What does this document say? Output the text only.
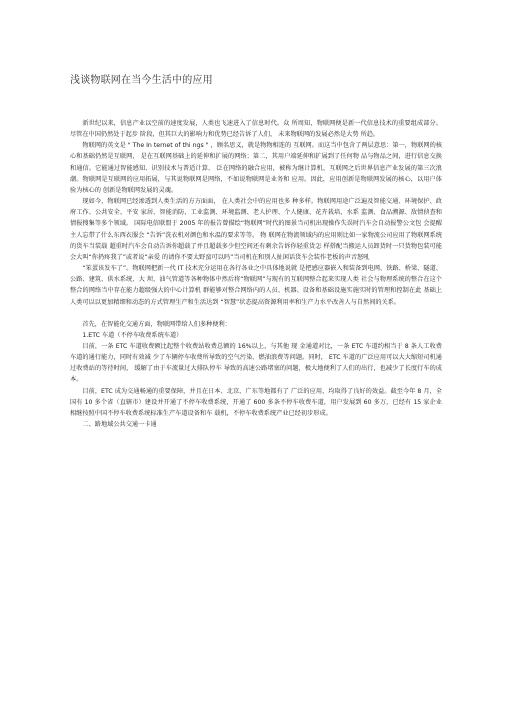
浅谈物联网在当今生活中的应用

新世纪以来，信息产业以空前的速度发展，人类也飞速进入了信息时代。众 所周知，物联网便是新一代信息技术的重要组成部分。 尽管在中国仍然处于起步 阶段，但其巨大的影响力和优势已经告诉了人们， 未来物联网的发展必然是大势 所趋。

物联网的英文是 " The In ternet of thi ngs " ，顾名思义，就是物物相连的 互联网。而这当中包含了两层意思：第一，物联网的核心和基础仍然是互联网， 是在互联网基础上的延伸和扩展的网络；第二，其用户端延伸和扩展到了任何物 品与物品之间，进行信息交换和通信。它能通过智能感知、识别技术与普适计算、 泛在网络的融合应用，被称为继计算机、互联网之后世界信息产业发展的第三次浪 潮。物联网是互联网的应用拓展，与其说物联网是网络，不如说物联网是业务和 应用。因此，应用创新是物联网发展的核心，以用户体验为核心的 创新是物联网发展的灵魂。

现如今，物联网已经渗透到人类生活的方方面面， 在人类社会中的应用也多 种多样。物联网用途广泛遍及智能交通、环境保护、政府工作、公共安全、平安 家居、智能消防、工业监测、环境监测、老人护理、个人健康、花卉栽培、水系 监测、食品溯源、敌情侦查和情报搜集等多个领域。 国际电信联盟于 2005 年的报告曾描绘“物联网”时代的图景当司机出现操作失误时汽车会自动报警公文包 会提醒主人忘带了什么东西衣服会 “告诉”洗衣机对颜色和水温的要求等等。 物 联网在物流领域内的应用则比如一家物流公司应用了物联网系统的货车当装载 超重时汽车会自动告诉你超载了并且超载多少但空间还有剩余告诉你轻重货怎 样搭配当搬运人员卸货时一只货物包装可能会大叫“你扔疼我了”或者说“亲爱 的请你不要太野蛮可以吗”当司机在和别人扯闲话货车会装作老板的声音怒吼

“笨蛋该发车了”。物联网把新一代 IT 技术充分运用在各行各业之中具体地说就 是把感应器嵌入和装备到电网、铁路、桥梁、隧道、公路、建筑、供水系统、大 坝、油气管道等各种物体中然后将“物联网”与现有的互联网整合起来实现人类 社会与物理系统的整合在这个整合的网络当中存在能力超级强大的中心计算机 群能够对整合网络内的人员、机器、设备和基础设施实施实时的管理和控制在此 基础上人类可以以更加精细和动态的方式管理生产和生活达到 “智慧”状态提高资源利用率和生产力水平改善人与自然间的关系。

首先，在智能化交通方面，物联网带给人们多种便利：

1.ETC 车道（不停车收费系统车道）

目前，一条 ETC 车道收费额比起整个收费站收费总额的 16%以上，与其他 现 金通道对比，一条 ETC 车道约相当于 8 条人工收费车道的通行能力，同时有效减 少了车辆停车收费所导致的空气污染、燃油浪费等问题。同时， ETC 车道的广泛应用可以大大缩短司机通过收费站的等待时间， 缓解了由于车流量过大排队停车 导致的高速公路堵塞的问题，极大地便利了人们的出行，也减少了长度行车的成 本。

目前，ETC 成为交通畅通的重要保障，并且在日本、北京、广东等地都有了 广泛的应用，均取得了良好的效益。截至今年 8 月，全国有 10 多个省（直辖市）建设并开通了不停车收费系统，开通了 600 多条不停车收费车道，用户发展到 60 多万，已经有 15 家企业相继按照中国不停车收费系统标准生产车道设备和车 载机，不停车收费系统产业已经初步形成。

二、路地域公共交通一卡通
